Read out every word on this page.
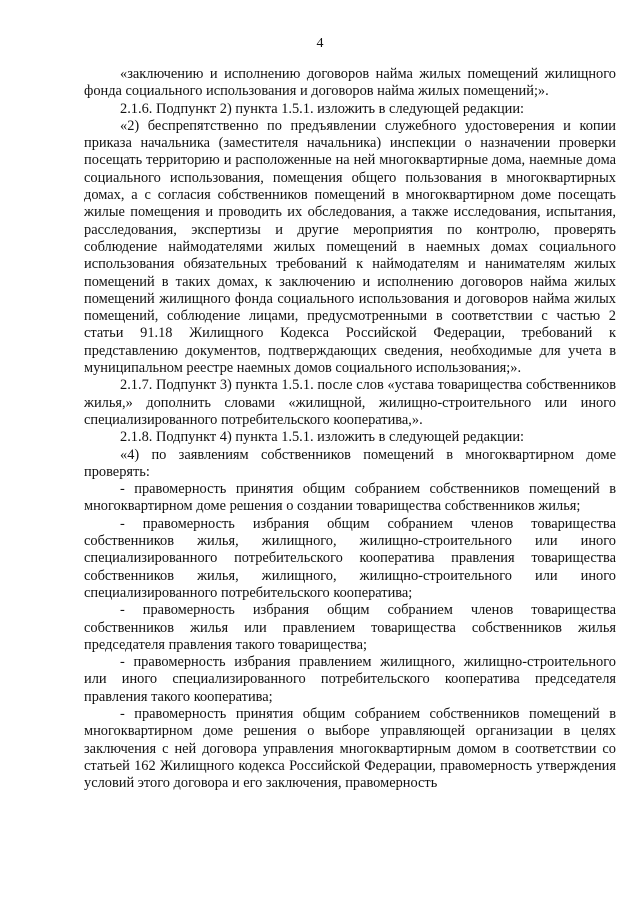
4

«заключению и исполнению договоров найма жилых помещений жилищного фонда социального использования и договоров найма жилых помещений;».

2.1.6. Подпункт 2) пункта 1.5.1. изложить в следующей редакции:

«2) беспрепятственно по предъявлении служебного удостоверения и копии приказа начальника (заместителя начальника) инспекции о назначении проверки посещать территорию и расположенные на ней многоквартирные дома, наемные дома социального использования, помещения общего пользования в многоквартирных домах, а с согласия собственников помещений в многоквартирном доме посещать жилые помещения и проводить их обследования, а также исследования, испытания, расследования, экспертизы и другие мероприятия по контролю, проверять соблюдение наймодателями жилых помещений в наемных домах социального использования обязательных требований к наймодателям и нанимателям жилых помещений в таких домах, к заключению и исполнению договоров найма жилых помещений жилищного фонда социального использования и договоров найма жилых помещений, соблюдение лицами, предусмотренными в соответствии с частью 2 статьи 91.18 Жилищного Кодекса Российской Федерации, требований к представлению документов, подтверждающих сведения, необходимые для учета в муниципальном реестре наемных домов социального использования;».

2.1.7. Подпункт 3) пункта 1.5.1. после слов «устава товарищества собственников жилья,» дополнить словами «жилищной, жилищно-строительного или иного специализированного потребительского кооператива,».

2.1.8. Подпункт 4) пункта 1.5.1. изложить в следующей редакции:

«4) по заявлениям собственников помещений в многоквартирном доме проверять:

- правомерность принятия общим собранием собственников помещений в многоквартирном доме решения о создании товарищества собственников жилья;

- правомерность избрания общим собранием членов товарищества собственников жилья, жилищного, жилищно-строительного или иного специализированного потребительского кооператива правления товарищества собственников жилья, жилищного, жилищно-строительного или иного специализированного потребительского кооператива;

- правомерность избрания общим собранием членов товарищества собственников жилья или правлением товарищества собственников жилья председателя правления такого товарищества;

- правомерность избрания правлением жилищного, жилищно-строительного или иного специализированного потребительского кооператива председателя правления такого кооператива;

- правомерность принятия общим собранием собственников помещений в многоквартирном доме решения о выборе управляющей организации в целях заключения с ней договора управления многоквартирным домом в соответствии со статьей 162 Жилищного кодекса Российской Федерации, правомерность утверждения условий этого договора и его заключения, правомерность
